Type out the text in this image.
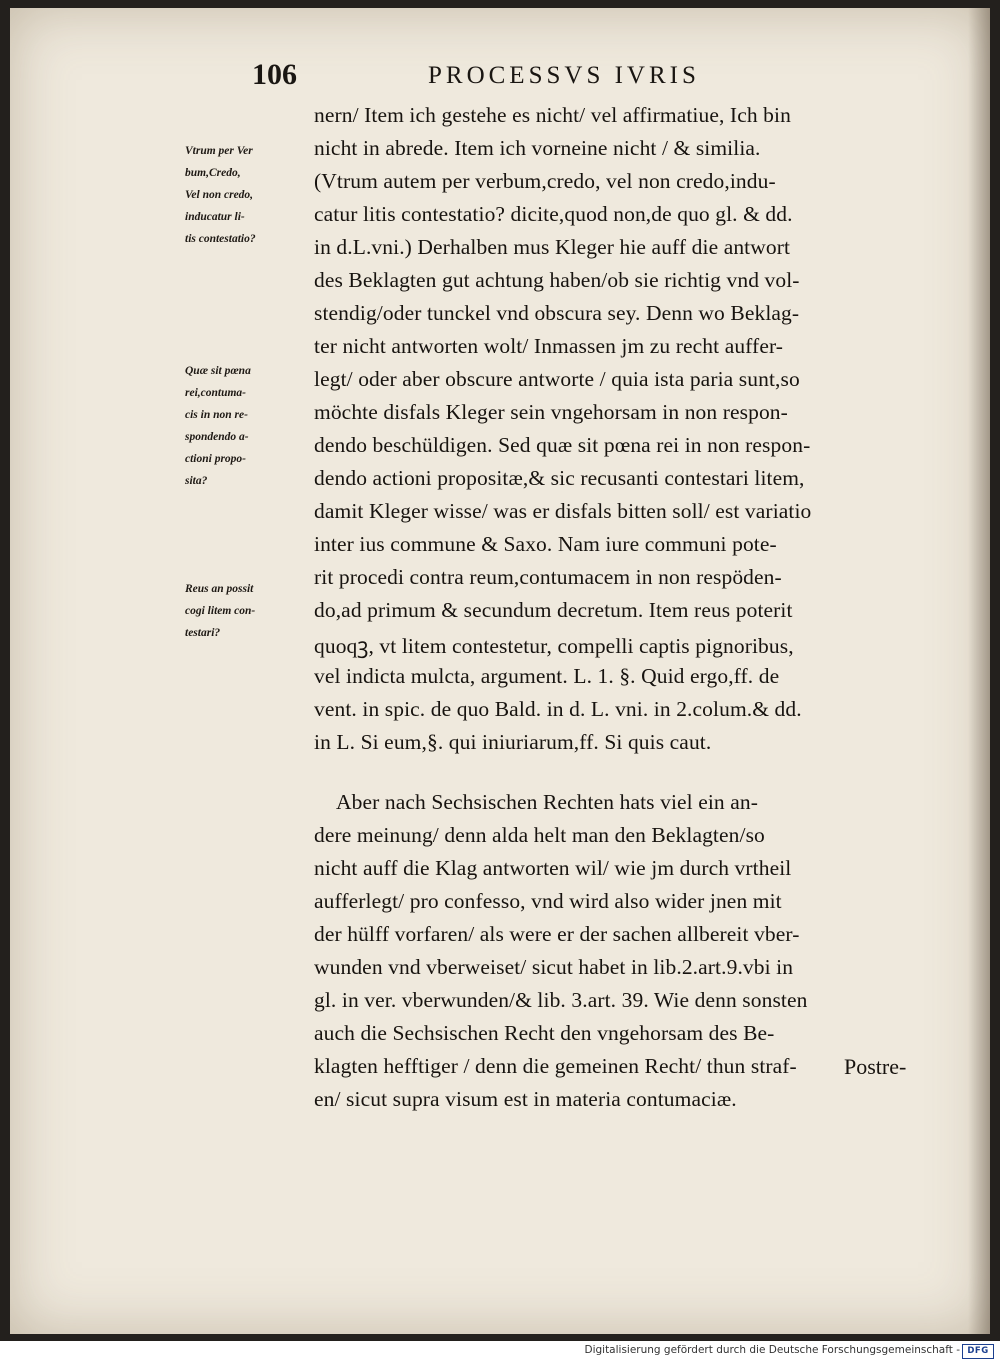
106	PROCESSVS IVRIS
Vtrum per Ver
bum,Credo,
Vel non credo,
inducatur li-
tis contestatio?
Quæ sit pœna
rei,contuma-
cis in non re-
spondendo a-
ctioni propo-
sita?
Reus an possit
cogi litem con-
testari?
nern/ Item ich gestehe es nicht/ vel affirmatiue, Ich bin
nicht in abrede. Item ich vorneine nicht / & similia.
(Vtrum autem per verbum,credo, vel non credo,indu-
catur litis contestatio? dicite,quod non,de quo gl. & dd.
in d.L.vni.) Derhalben mus Kleger hie auff die antwort
des Beklagten gut achtung haben/ob sie richtig vnd vol-
stendig/oder tunckel vnd obscura sey. Denn wo Beklag-
ter nicht antworten wolt/ Inmassen jm zu recht auffer-
legt/ oder aber obscure antworte / quia ista paria sunt,so
möchte disfals Kleger sein vngehorsam in non respon-
dendo beschüldigen. Sed quæ sit pœna rei in non respon-
dendo actioni propositæ,& sic recusanti contestari litem,
damit Kleger wisse/ was er disfals bitten soll/ est variatio
inter ius commune & Saxo. Nam iure communi pote-
rit procedi contra reum,contumacem in non respöden-
do,ad primum & secundum decretum. Item reus poterit
quoqꝫ, vt litem contestetur, compelli captis pignoribus,
vel indicta mulcta, argument. L. 1. §. Quid ergo,ff. de
vent. in spic. de quo Bald. in d. L. vni. in 2.colum.& dd.
in L. Si eum,§. qui iniuriarum,ff. Si quis caut.
Aber nach Sechsischen Rechten hats viel ein an-
dere meinung/ denn alda helt man den Beklagten/so
nicht auff die Klag antworten wil/ wie jm durch vrtheil
aufferlegt/ pro confesso, vnd wird also wider jnen mit
der hülff vorfaren/ als were er der sachen allbereit vber-
wunden vnd vberweiset/ sicut habet in lib.2.art.9.vbi in
gl. in ver. vberwunden/& lib. 3.art. 39. Wie denn sonsten
auch die Sechsischen Recht den vngehorsam des Be-
klagten hefftiger / denn die gemeinen Recht/ thun straf-
en/ sicut supra visum est in materia contumaciæ.
Postre-
Digitalisierung gefördert durch die Deutsche Forschungsgemeinschaft - DFG
